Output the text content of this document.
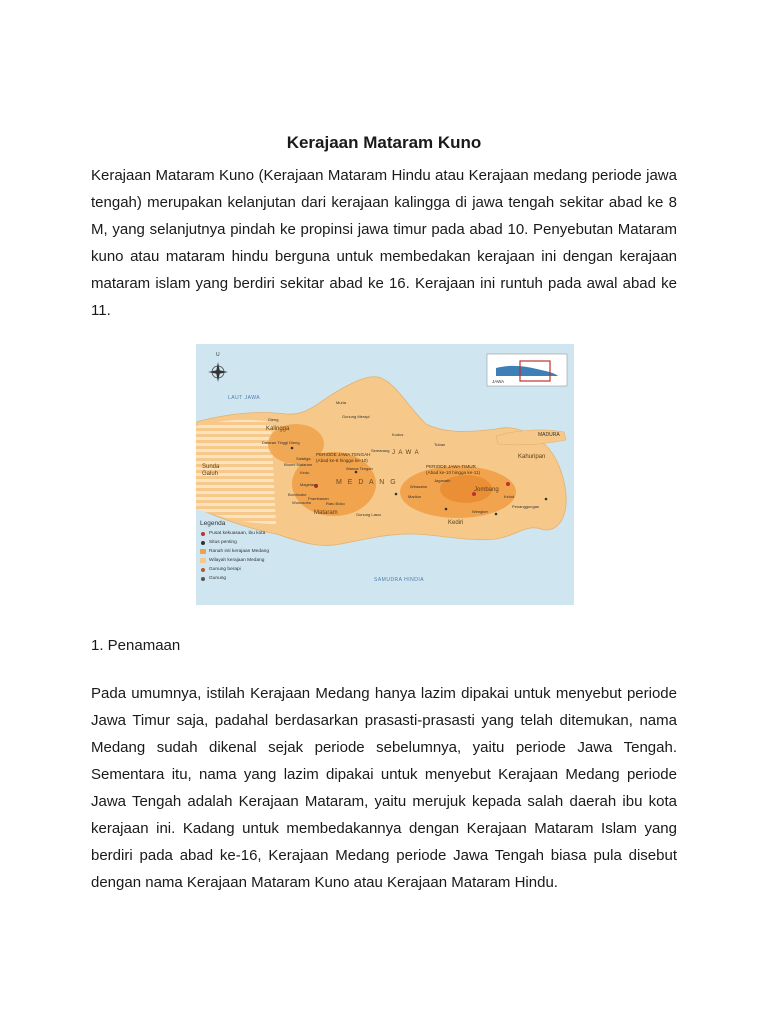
Kerajaan Mataram Kuno

Kerajaan Mataram Kuno (Kerajaan Mataram Hindu atau Kerajaan medang periode jawa tengah) merupakan kelanjutan dari kerajaan kalingga di jawa tengah sekitar abad ke 8 M, yang selanjutnya pindah ke propinsi jawa timur pada abad 10. Penyebutan Mataram kuno atau mataram hindu berguna untuk membedakan kerajaan ini dengan kerajaan mataram islam yang berdiri sekitar abad ke 16. Kerajaan ini runtuh pada awal abad ke 11.

U
JAWA
LAUT JAWA
SAMUDRA HINDIA
MADURA
Sunda
Galuh
Kalingga
M E D A N G
Mataram
J A W A
Kahuripan
Jombang
Kediri
PERIODE JAWA TENGAH
(Abad ke-8 hingga ke-10)
PERIODE JAWA TIMUR
(Abad ke-10 hingga ke-11)
Legenda
Pusat kekuasaan, ibu kota
Situs penting
Ranah inti kerajaan Medang
Wilayah kerajaan Medang
Gunung berapi
Gunung
Dieng
Dataran Tinggi Dieng
Bhumi Mataram
Kedu
Magelang
Borobudur
Prambanan
Ratu Boko
Wonosobo
Salatiga
Muria
Gunung Merapi
Kudus
Tuban
Jaganath
Wirasaba
Madiun
Wengker
Kelud
Penanggungan
Wanua Tengah
Gunung Lawu
Semarang
1. Penamaan

Pada umumnya, istilah Kerajaan Medang hanya lazim dipakai untuk menyebut periode Jawa Timur saja, padahal berdasarkan prasasti-prasasti yang telah ditemukan, nama Medang sudah dikenal sejak periode sebelumnya, yaitu periode Jawa Tengah. Sementara itu, nama yang lazim dipakai untuk menyebut Kerajaan Medang periode Jawa Tengah adalah Kerajaan Mataram, yaitu merujuk kepada salah daerah ibu kota kerajaan ini. Kadang untuk membedakannya dengan Kerajaan Mataram Islam yang berdiri pada abad ke-16, Kerajaan Medang periode Jawa Tengah biasa pula disebut dengan nama Kerajaan Mataram Kuno atau Kerajaan Mataram Hindu.
